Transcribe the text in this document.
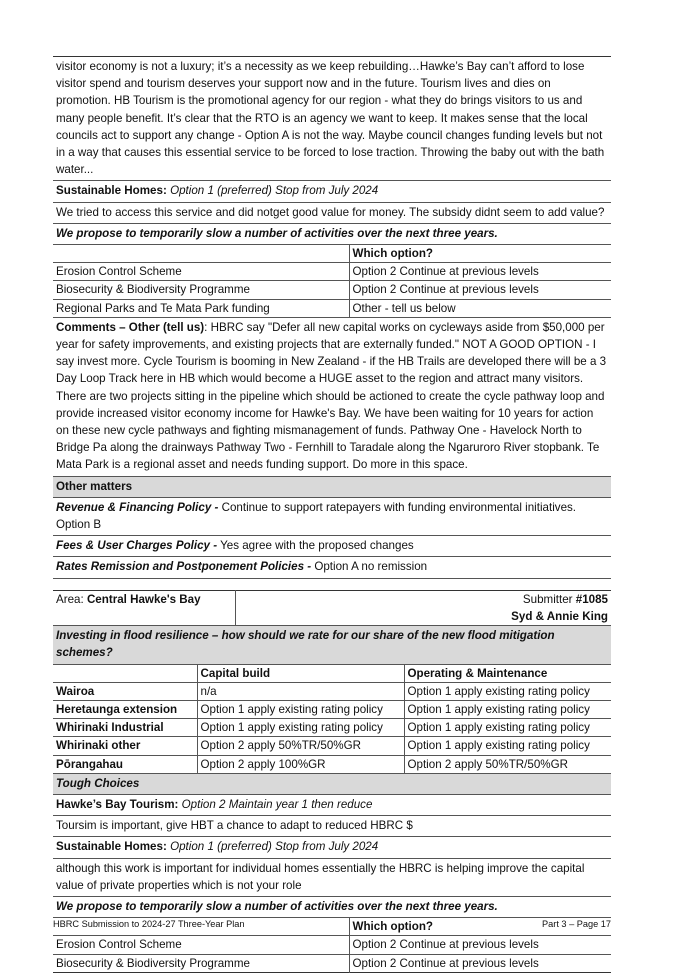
visitor economy is not a luxury; it’s a necessity as we keep rebuilding…Hawke’s Bay can’t afford to lose visitor spend and tourism deserves your support now and in the future. Tourism lives and dies on promotion. HB Tourism is the promotional agency for our region - what they do brings visitors to us and many people benefit. It’s clear that the RTO is an agency we want to keep. It makes sense that the local councils act to support any change - Option A is not the way. Maybe council changes funding levels but not in a way that causes this essential service to be forced to lose traction. Throwing the baby out with the bath water...
Sustainable Homes: Option 1 (preferred) Stop from July 2024
We tried to access this service and did notget good value for money. The subsidy didnt seem to add value?
We propose to temporarily slow a number of activities over the next three years.
	Which option?
Erosion Control Scheme	Option 2 Continue at previous levels
Biosecurity & Biodiversity Programme	Option 2 Continue at previous levels
Regional Parks and Te Mata Park funding	Other - tell us below
Comments – Other (tell us): HBRC say "Defer all new capital works on cycleways aside from $50,000 per year for safety improvements, and existing projects that are externally funded." NOT A GOOD OPTION - I say invest more. Cycle Tourism is booming in New Zealand - if the HB Trails are developed there will be a 3 Day Loop Track here in HB which would become a HUGE asset to the region and attract many visitors. There are two projects sitting in the pipeline which should be actioned to create the cycle pathway loop and provide increased visitor economy income for Hawke's Bay. We have been waiting for 10 years for action on these new cycle pathways and fighting mismanagement of funds. Pathway One - Havelock North to Bridge Pa along the drainways Pathway Two - Fernhill to Taradale along the Ngaruroro River stopbank. Te Mata Park is a regional asset and needs funding support. Do more in this space.
Other matters
Revenue & Financing Policy - Continue to support ratepayers with funding environmental initiatives. Option B
Fees & User Charges Policy - Yes agree with the proposed changes
Rates Remission and Postponement Policies - Option A no remission
Area: Central Hawke's Bay	Submitter #1085
Syd & Annie King
Investing in flood resilience – how should we rate for our share of the new flood mitigation schemes?
	Capital build	Operating & Maintenance
Wairoa	n/a	Option 1 apply existing rating policy
Heretaunga extension	Option 1 apply existing rating policy	Option 1 apply existing rating policy
Whirinaki Industrial	Option 1 apply existing rating policy	Option 1 apply existing rating policy
Whirinaki other	Option 2 apply 50%TR/50%GR	Option 1 apply existing rating policy
Pōrangahau	Option 2 apply 100%GR	Option 2 apply 50%TR/50%GR
Tough Choices
Hawke’s Bay Tourism: Option 2 Maintain year 1 then reduce
Toursim is important, give HBT a chance to adapt to reduced HBRC $
Sustainable Homes: Option 1 (preferred) Stop from July 2024
although this work is important for individual homes essentially the HBRC is helping improve the capital value of private properties which is not your role
We propose to temporarily slow a number of activities over the next three years.
	Which option?
Erosion Control Scheme	Option 2 Continue at previous levels
Biosecurity & Biodiversity Programme	Option 2 Continue at previous levels
HBRC Submission to 2024-27 Three-Year Plan	Part 3 – Page 17
